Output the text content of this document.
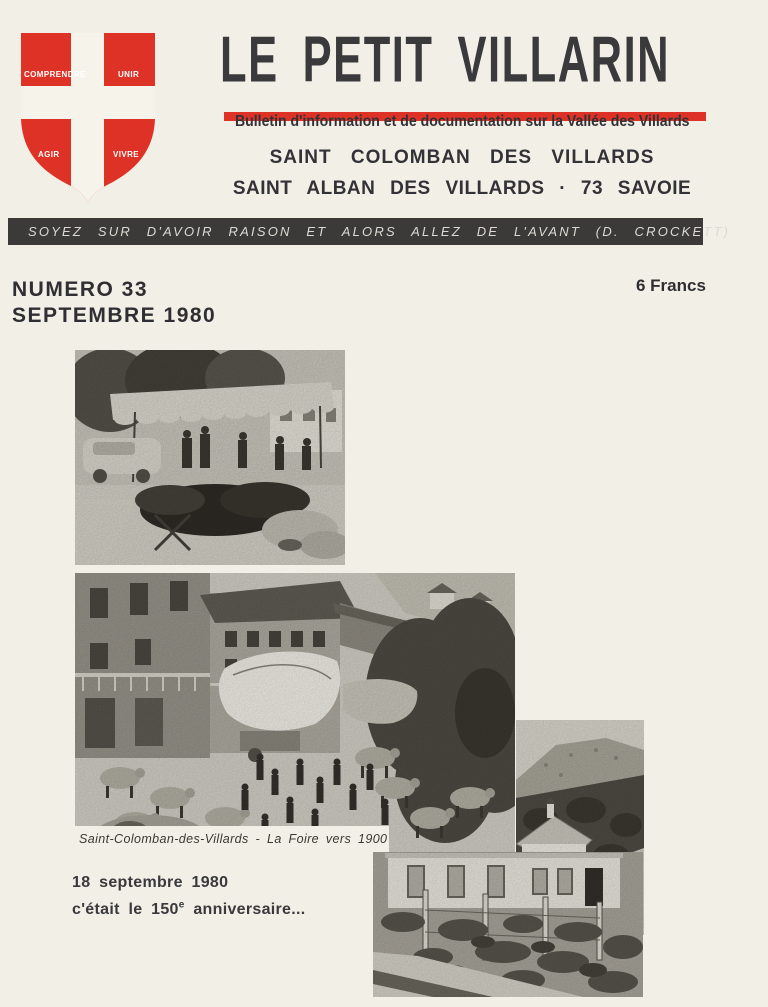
COMPRENDRE	UNIR
AGIR	VIVRE
LE PETIT VILLARIN

Bulletin d'information et de documentation sur la Vallée des Villards

SAINT COLOMBAN DES VILLARDS

SAINT ALBAN DES VILLARDS · 73 SAVOIE

SOYEZ SUR D'AVOIR RAISON ET ALORS ALLEZ DE L'AVANT (D. CROCKETT)

NUMERO 33
SEPTEMBRE 1980

6 Francs

Saint-Colomban-des-Villards - La Foire vers 1900

18 septembre 1980
c'était le 150e anniversaire...
